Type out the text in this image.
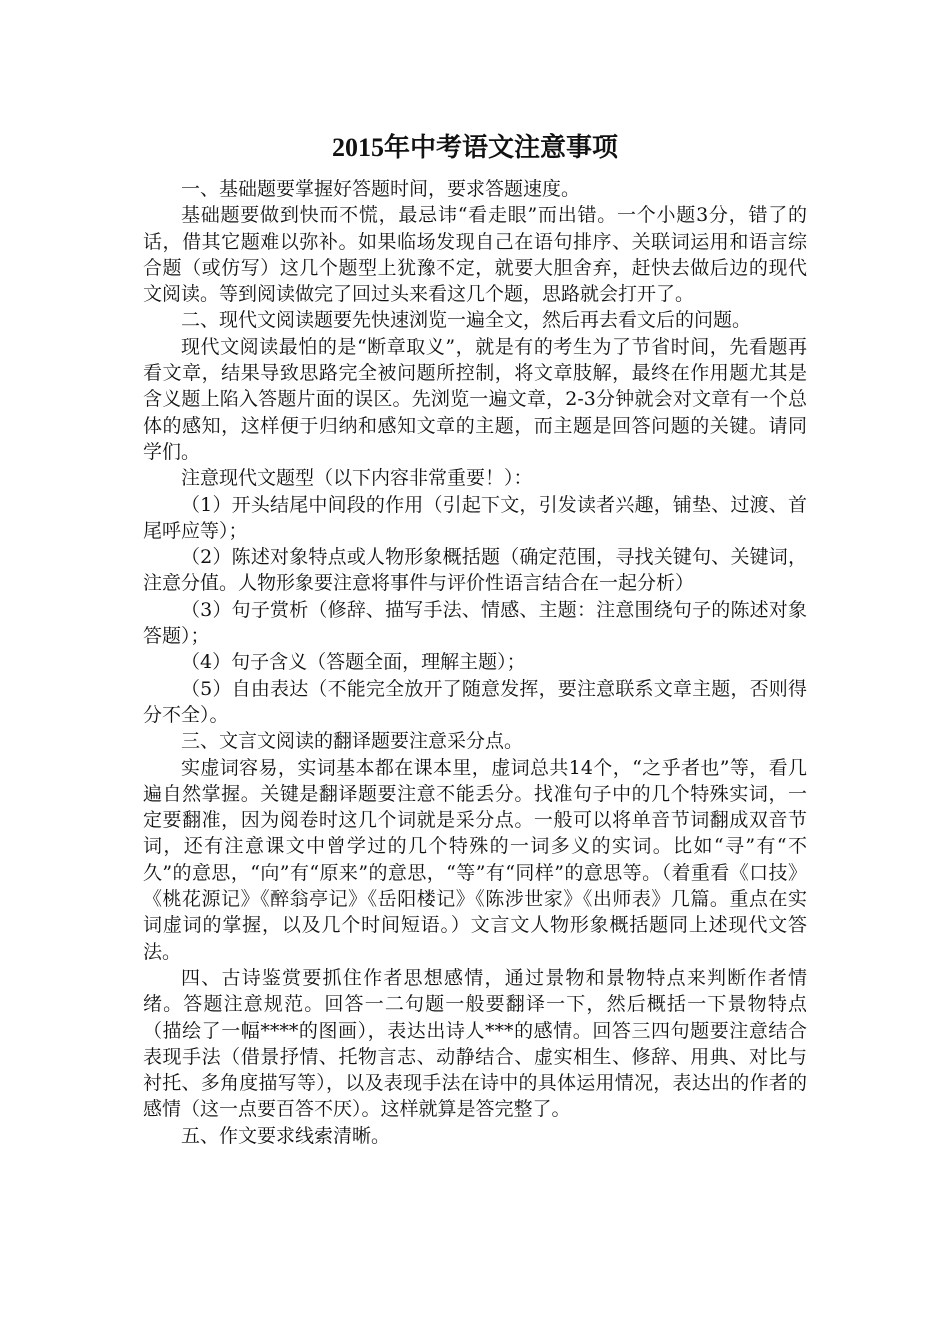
2015年中考语文注意事项

一、基础题要掌握好答题时间，要求答题速度。

基础题要做到快而不慌，最忌讳“看走眼”而出错。一个小题3分，错了的话，借其它题难以弥补。如果临场发现自己在语句排序、关联词运用和语言综合题（或仿写）这几个题型上犹豫不定，就要大胆舍弃，赶快去做后边的现代文阅读。等到阅读做完了回过头来看这几个题，思路就会打开了。

二、现代文阅读题要先快速浏览一遍全文，然后再去看文后的问题。

现代文阅读最怕的是“断章取义”，就是有的考生为了节省时间，先看题再看文章，结果导致思路完全被问题所控制，将文章肢解，最终在作用题尤其是含义题上陷入答题片面的误区。先浏览一遍文章，2-3分钟就会对文章有一个总体的感知，这样便于归纳和感知文章的主题，而主题是回答问题的关键。请同学们。

注意现代文题型（以下内容非常重要！）：

（1）开头结尾中间段的作用（引起下文，引发读者兴趣，铺垫、过渡、首尾呼应等）；

（2）陈述对象特点或人物形象概括题（确定范围，寻找关键句、关键词，注意分值。人物形象要注意将事件与评价性语言结合在一起分析）

（3）句子赏析（修辞、描写手法、情感、主题：注意围绕句子的陈述对象答题）；

（4）句子含义（答题全面，理解主题）；

（5）自由表达（不能完全放开了随意发挥，要注意联系文章主题，否则得分不全）。

三、文言文阅读的翻译题要注意采分点。

实虚词容易，实词基本都在课本里，虚词总共14个，“之乎者也”等，看几遍自然掌握。关键是翻译题要注意不能丢分。找准句子中的几个特殊实词，一定要翻准，因为阅卷时这几个词就是采分点。一般可以将单音节词翻成双音节词，还有注意课文中曾学过的几个特殊的一词多义的实词。比如“寻”有“不久”的意思，“向”有“原来”的意思，“等”有“同样”的意思等。（着重看《口技》《桃花源记》《醉翁亭记》《岳阳楼记》《陈涉世家》《出师表》几篇。重点在实词虚词的掌握，以及几个时间短语。）文言文人物形象概括题同上述现代文答法。

四、古诗鉴赏要抓住作者思想感情，通过景物和景物特点来判断作者情绪。答题注意规范。回答一二句题一般要翻译一下，然后概括一下景物特点（描绘了一幅****的图画），表达出诗人***的感情。回答三四句题要注意结合表现手法（借景抒情、托物言志、动静结合、虚实相生、修辞、用典、对比与衬托、多角度描写等），以及表现手法在诗中的具体运用情况，表达出的作者的感情（这一点要百答不厌）。这样就算是答完整了。

五、作文要求线索清晰。
